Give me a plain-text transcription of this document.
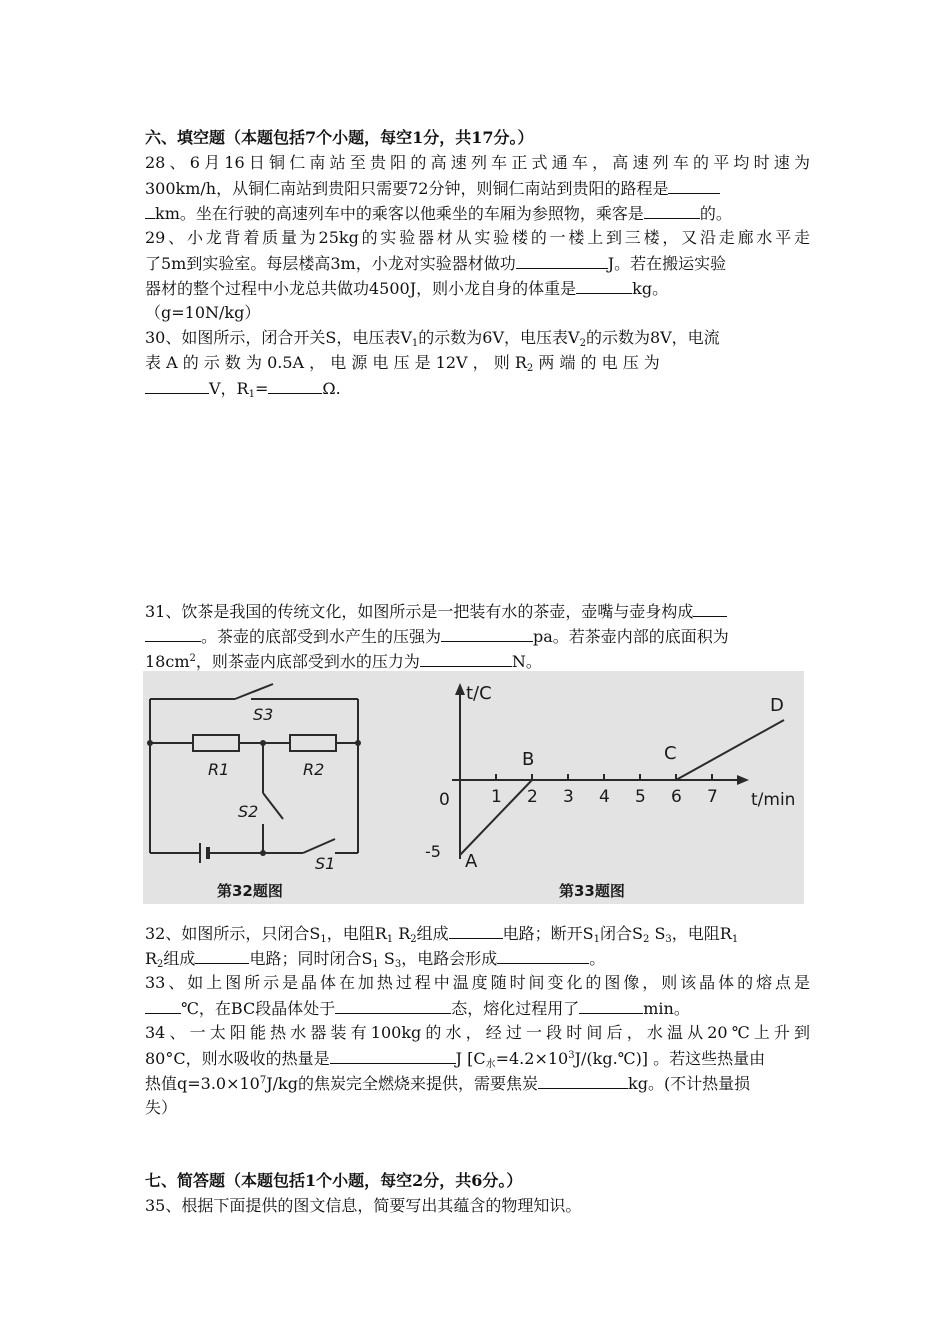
六、填空题（本题包括7个小题，每空1分，共17分。）
28、6月16日铜仁南站至贵阳的高速列车正式通车，高速列车的平均时速为
300km/h，从铜仁南站到贵阳只需要72分钟，则铜仁南站到贵阳的路程是
km。坐在行驶的高速列车中的乘客以他乘坐的车厢为参照物，乘客是	的。
29、小龙背着质量为25kg的实验器材从实验楼的一楼上到三楼，又沿走廊水平走
了5m到实验室。每层楼高3m，小龙对实验器材做功	J。若在搬运实验
器材的整个过程中小龙总共做功4500J，则小龙自身的体重是	kg。
（g=10N/kg）
30、如图所示，闭合开关S，电压表$V_1$的示数为6V，电压表$V_2$的示数为8V，电流
表 A 的 示 数 为 0.5A ， 电 源 电 压 是 12V ， 则 $R_2$ 两 端 的 电 压 为
V，$R_1=$	Ω.
31、饮茶是我国的传统文化，如图所示是一把装有水的茶壶，壶嘴与壶身构成
。茶壶的底部受到水产生的压强为	pa。若茶壶内部的底面积为
$18cm^2$，则茶壶内底部受到水的压力为	N。
S3
R1	R2
S2
S1
第32题图
t/C
t/min
0
-5
1 2 3 4 5 6 7
A
B	C
D
第33题图
32、如图所示，只闭合$S_1$，电阻$R_1$ $R_2$组成	电路；断开$S_1$闭合$S_2$ $S_3$，电阻$R_1$
$R_2$组成	电路；同时闭合$S_1$ $S_3$，电路会形成	。
33、如上图所示是晶体在加热过程中温度随时间变化的图像，则该晶体的熔点是
℃，在BC段晶体处于	态，熔化过程用了	min。
34、一太阳能热水器装有100kg的水，经过一段时间后，水温从20℃上升到
80°C，则水吸收的热量是	J $[C_水=4.2\times 10^3J/(kg.℃)]$ 。若这些热量由
热值$q=3.0\times 10^7J/kg$的焦炭完全燃烧来提供，需要焦炭	kg。(不计热量损
失）
七、简答题（本题包括1个小题，每空2分，共6分。）
35、根据下面提供的图文信息，简要写出其蕴含的物理知识。
